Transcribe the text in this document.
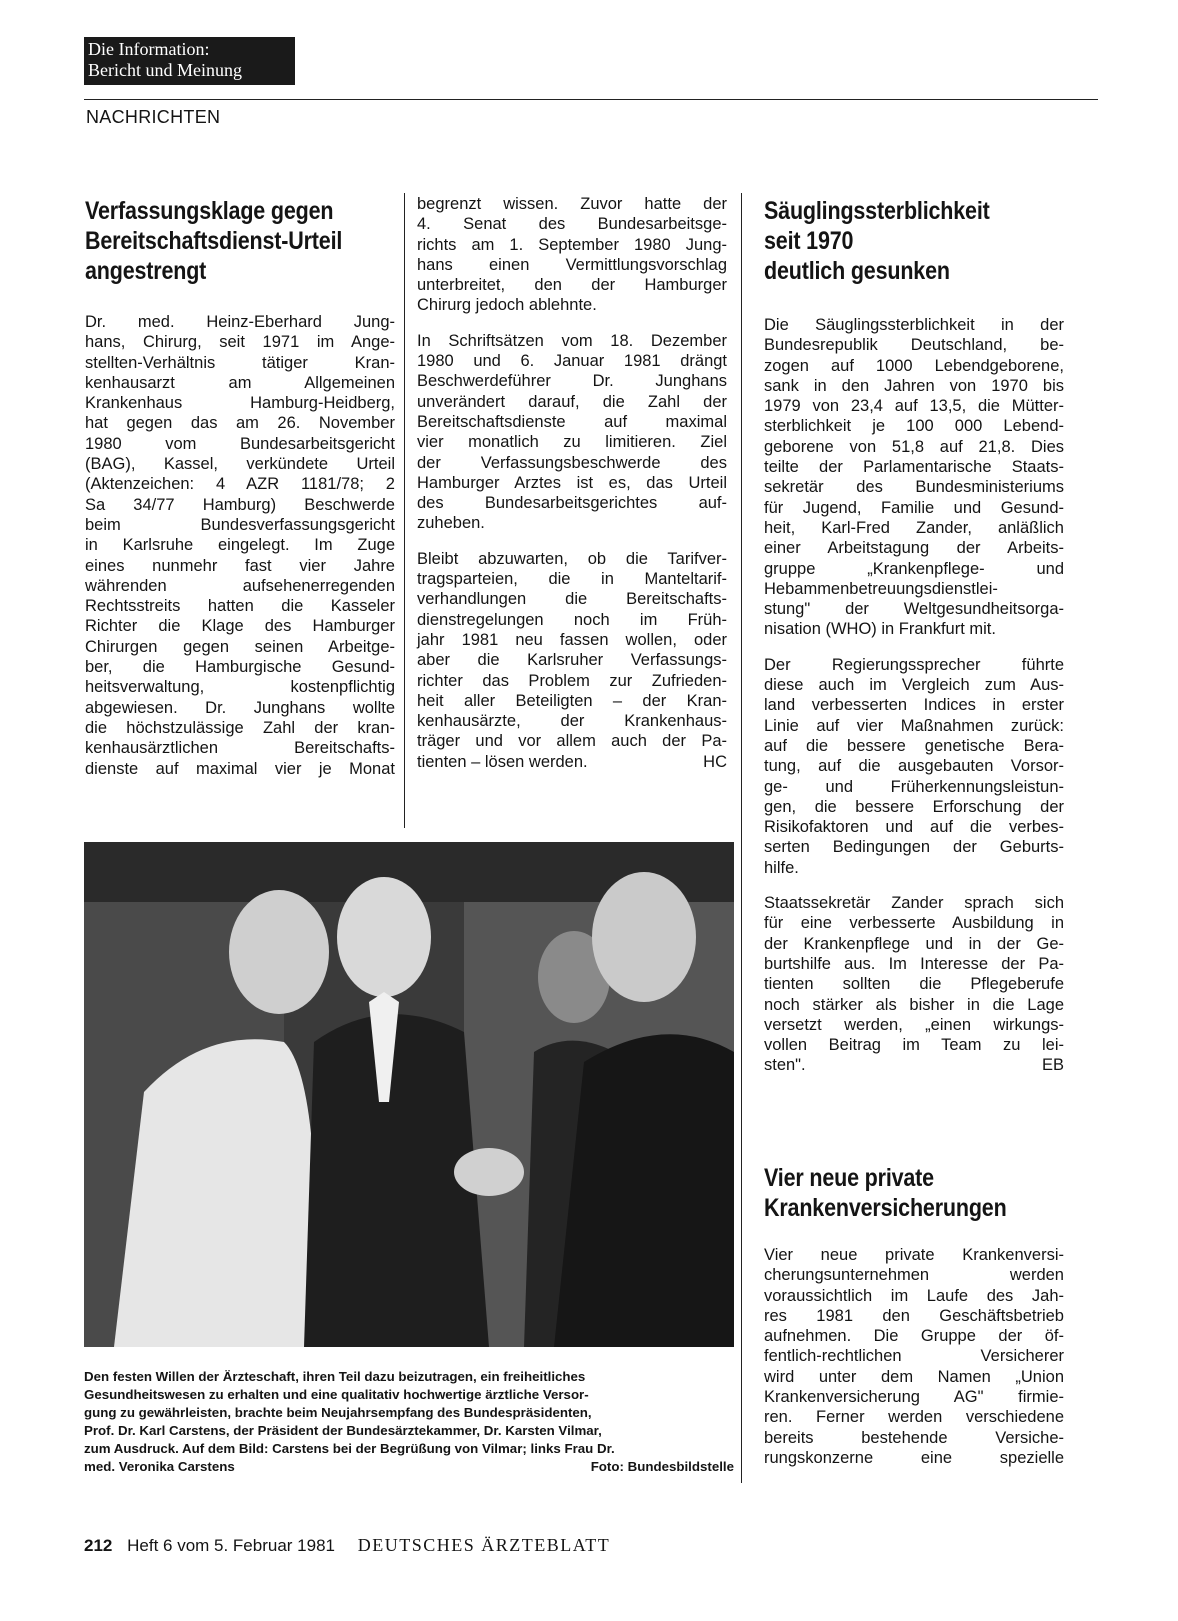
Die Information:
Bericht und Meinung
NACHRICHTEN
Verfassungsklage gegen
Bereitschaftsdienst-Urteil
angestrengt
Dr. med. Heinz-Eberhard Jung-
hans, Chirurg, seit 1971 im Ange-
stellten-Verhältnis tätiger Kran-
kenhausarzt am Allgemeinen
Krankenhaus Hamburg-Heidberg,
hat gegen das am 26. November
1980 vom Bundesarbeitsgericht
(BAG), Kassel, verkündete Urteil
(Aktenzeichen: 4 AZR 1181/78; 2
Sa 34/77 Hamburg) Beschwerde
beim Bundesverfassungsgericht
in Karlsruhe eingelegt. Im Zuge
eines nunmehr fast vier Jahre
währenden aufsehenerregenden
Rechtsstreits hatten die Kasseler
Richter die Klage des Hamburger
Chirurgen gegen seinen Arbeitge-
ber, die Hamburgische Gesund-
heitsverwaltung, kostenpflichtig
abgewiesen. Dr. Junghans wollte
die höchstzulässige Zahl der kran-
kenhausärztlichen Bereitschafts-
dienste auf maximal vier je Monat
begrenzt wissen. Zuvor hatte der
4. Senat des Bundesarbeitsge-
richts am 1. September 1980 Jung-
hans einen Vermittlungsvorschlag
unterbreitet, den der Hamburger
Chirurg jedoch ablehnte.
In Schriftsätzen vom 18. Dezember
1980 und 6. Januar 1981 drängt
Beschwerdeführer Dr. Junghans
unverändert darauf, die Zahl der
Bereitschaftsdienste auf maximal
vier monatlich zu limitieren. Ziel
der Verfassungsbeschwerde des
Hamburger Arztes ist es, das Urteil
des Bundesarbeitsgerichtes auf-
zuheben.
Bleibt abzuwarten, ob die Tarifver-
tragsparteien, die in Manteltarif-
verhandlungen die Bereitschafts-
dienstregelungen noch im Früh-
jahr 1981 neu fassen wollen, oder
aber die Karlsruher Verfassungs-
richter das Problem zur Zufrieden-
heit aller Beteiligten – der Kran-
kenhausärzte, der Krankenhaus-
träger und vor allem auch der Pa-
tienten – lösen werden.	HC
Säuglingssterblichkeit
seit 1970
deutlich gesunken
Die Säuglingssterblichkeit in der
Bundesrepublik Deutschland, be-
zogen auf 1000 Lebendgeborene,
sank in den Jahren von 1970 bis
1979 von 23,4 auf 13,5, die Mütter-
sterblichkeit je 100 000 Lebend-
geborene von 51,8 auf 21,8. Dies
teilte der Parlamentarische Staats-
sekretär des Bundesministeriums
für Jugend, Familie und Gesund-
heit, Karl-Fred Zander, anläßlich
einer Arbeitstagung der Arbeits-
gruppe „Krankenpflege- und
Hebammenbetreuungsdienstlei-
stung" der Weltgesundheitsorga-
nisation (WHO) in Frankfurt mit.
Der Regierungssprecher führte
diese auch im Vergleich zum Aus-
land verbesserten Indices in erster
Linie auf vier Maßnahmen zurück:
auf die bessere genetische Bera-
tung, auf die ausgebauten Vorsor-
ge- und Früherkennungsleistun-
gen, die bessere Erforschung der
Risikofaktoren und auf die verbes-
serten Bedingungen der Geburts-
hilfe.
Staatssekretär Zander sprach sich
für eine verbesserte Ausbildung in
der Krankenpflege und in der Ge-
burtshilfe aus. Im Interesse der Pa-
tienten sollten die Pflegeberufe
noch stärker als bisher in die Lage
versetzt werden, „einen wirkungs-
vollen Beitrag im Team zu lei-
sten".	EB
Vier neue private
Krankenversicherungen
Vier neue private Krankenversi-
cherungsunternehmen werden
voraussichtlich im Laufe des Jah-
res 1981 den Geschäftsbetrieb
aufnehmen. Die Gruppe der öf-
fentlich-rechtlichen Versicherer
wird unter dem Namen „Union
Krankenversicherung AG" firmie-
ren. Ferner werden verschiedene
bereits bestehende Versiche-
rungskonzerne eine spezielle
Den festen Willen der Ärzteschaft, ihren Teil dazu beizutragen, ein freiheitliches
Gesundheitswesen zu erhalten und eine qualitativ hochwertige ärztliche Versor-
gung zu gewährleisten, brachte beim Neujahrsempfang des Bundespräsidenten,
Prof. Dr. Karl Carstens, der Präsident der Bundesärztekammer, Dr. Karsten Vilmar,
zum Ausdruck. Auf dem Bild: Carstens bei der Begrüßung von Vilmar; links Frau Dr.
med. Veronika Carstens	Foto: Bundesbildstelle
212 Heft 6 vom 5. Februar 1981 DEUTSCHES ÄRZTEBLATT
